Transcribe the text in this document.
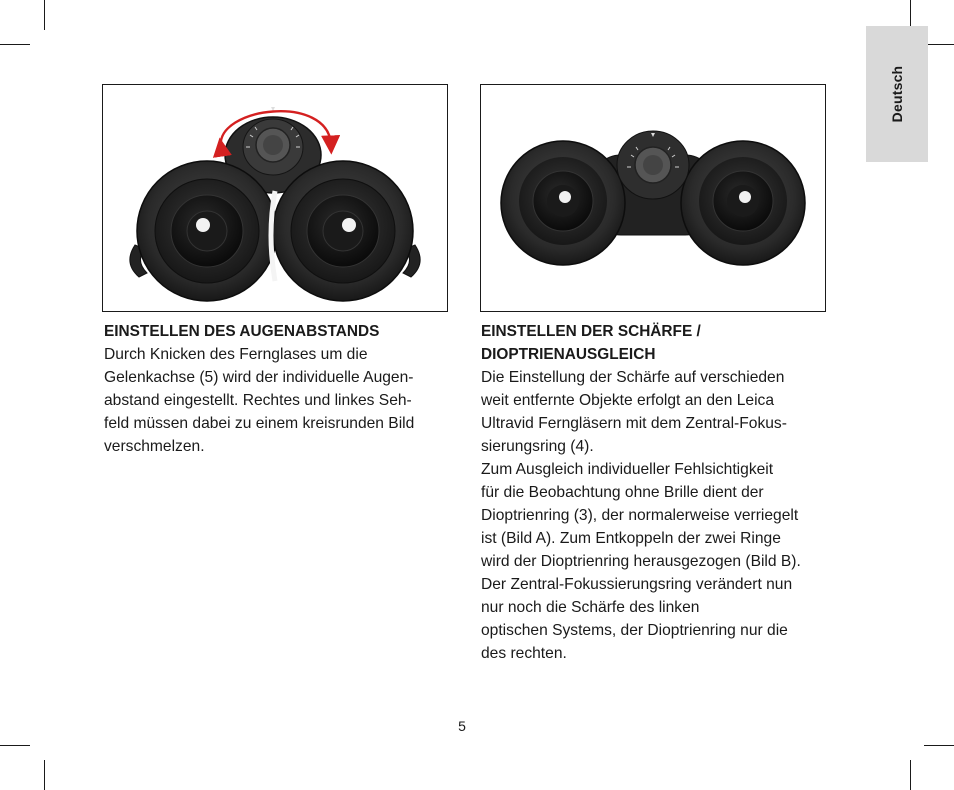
Deutsch
EINSTELLEN DES AUGENABSTANDS

Durch Knicken des Fernglases um die
Gelenkachse (5) wird der individuelle Augen-
abstand eingestellt. Rechtes und linkes Seh-
feld müssen dabei zu einem kreisrunden Bild
verschmelzen.

EINSTELLEN DER SCHÄRFE /
DIOPTRIENAUSGLEICH

Die Einstellung der Schärfe auf verschieden
weit entfernte Objekte erfolgt an den Leica
Ultravid Ferngläsern mit dem Zentral-Fokus-
sierungsring (4).
Zum Ausgleich individueller Fehlsichtigkeit
für die Beobachtung ohne Brille dient der
Dioptrienring (3), der normalerweise verriegelt
ist (Bild A). Zum Entkoppeln der zwei Ringe
wird der Dioptrienring herausgezogen (Bild B).
Der Zentral-Fokussierungsring verändert nun
nur noch die Schärfe des linken
optischen Systems, der Dioptrienring nur die
des rechten.

5
